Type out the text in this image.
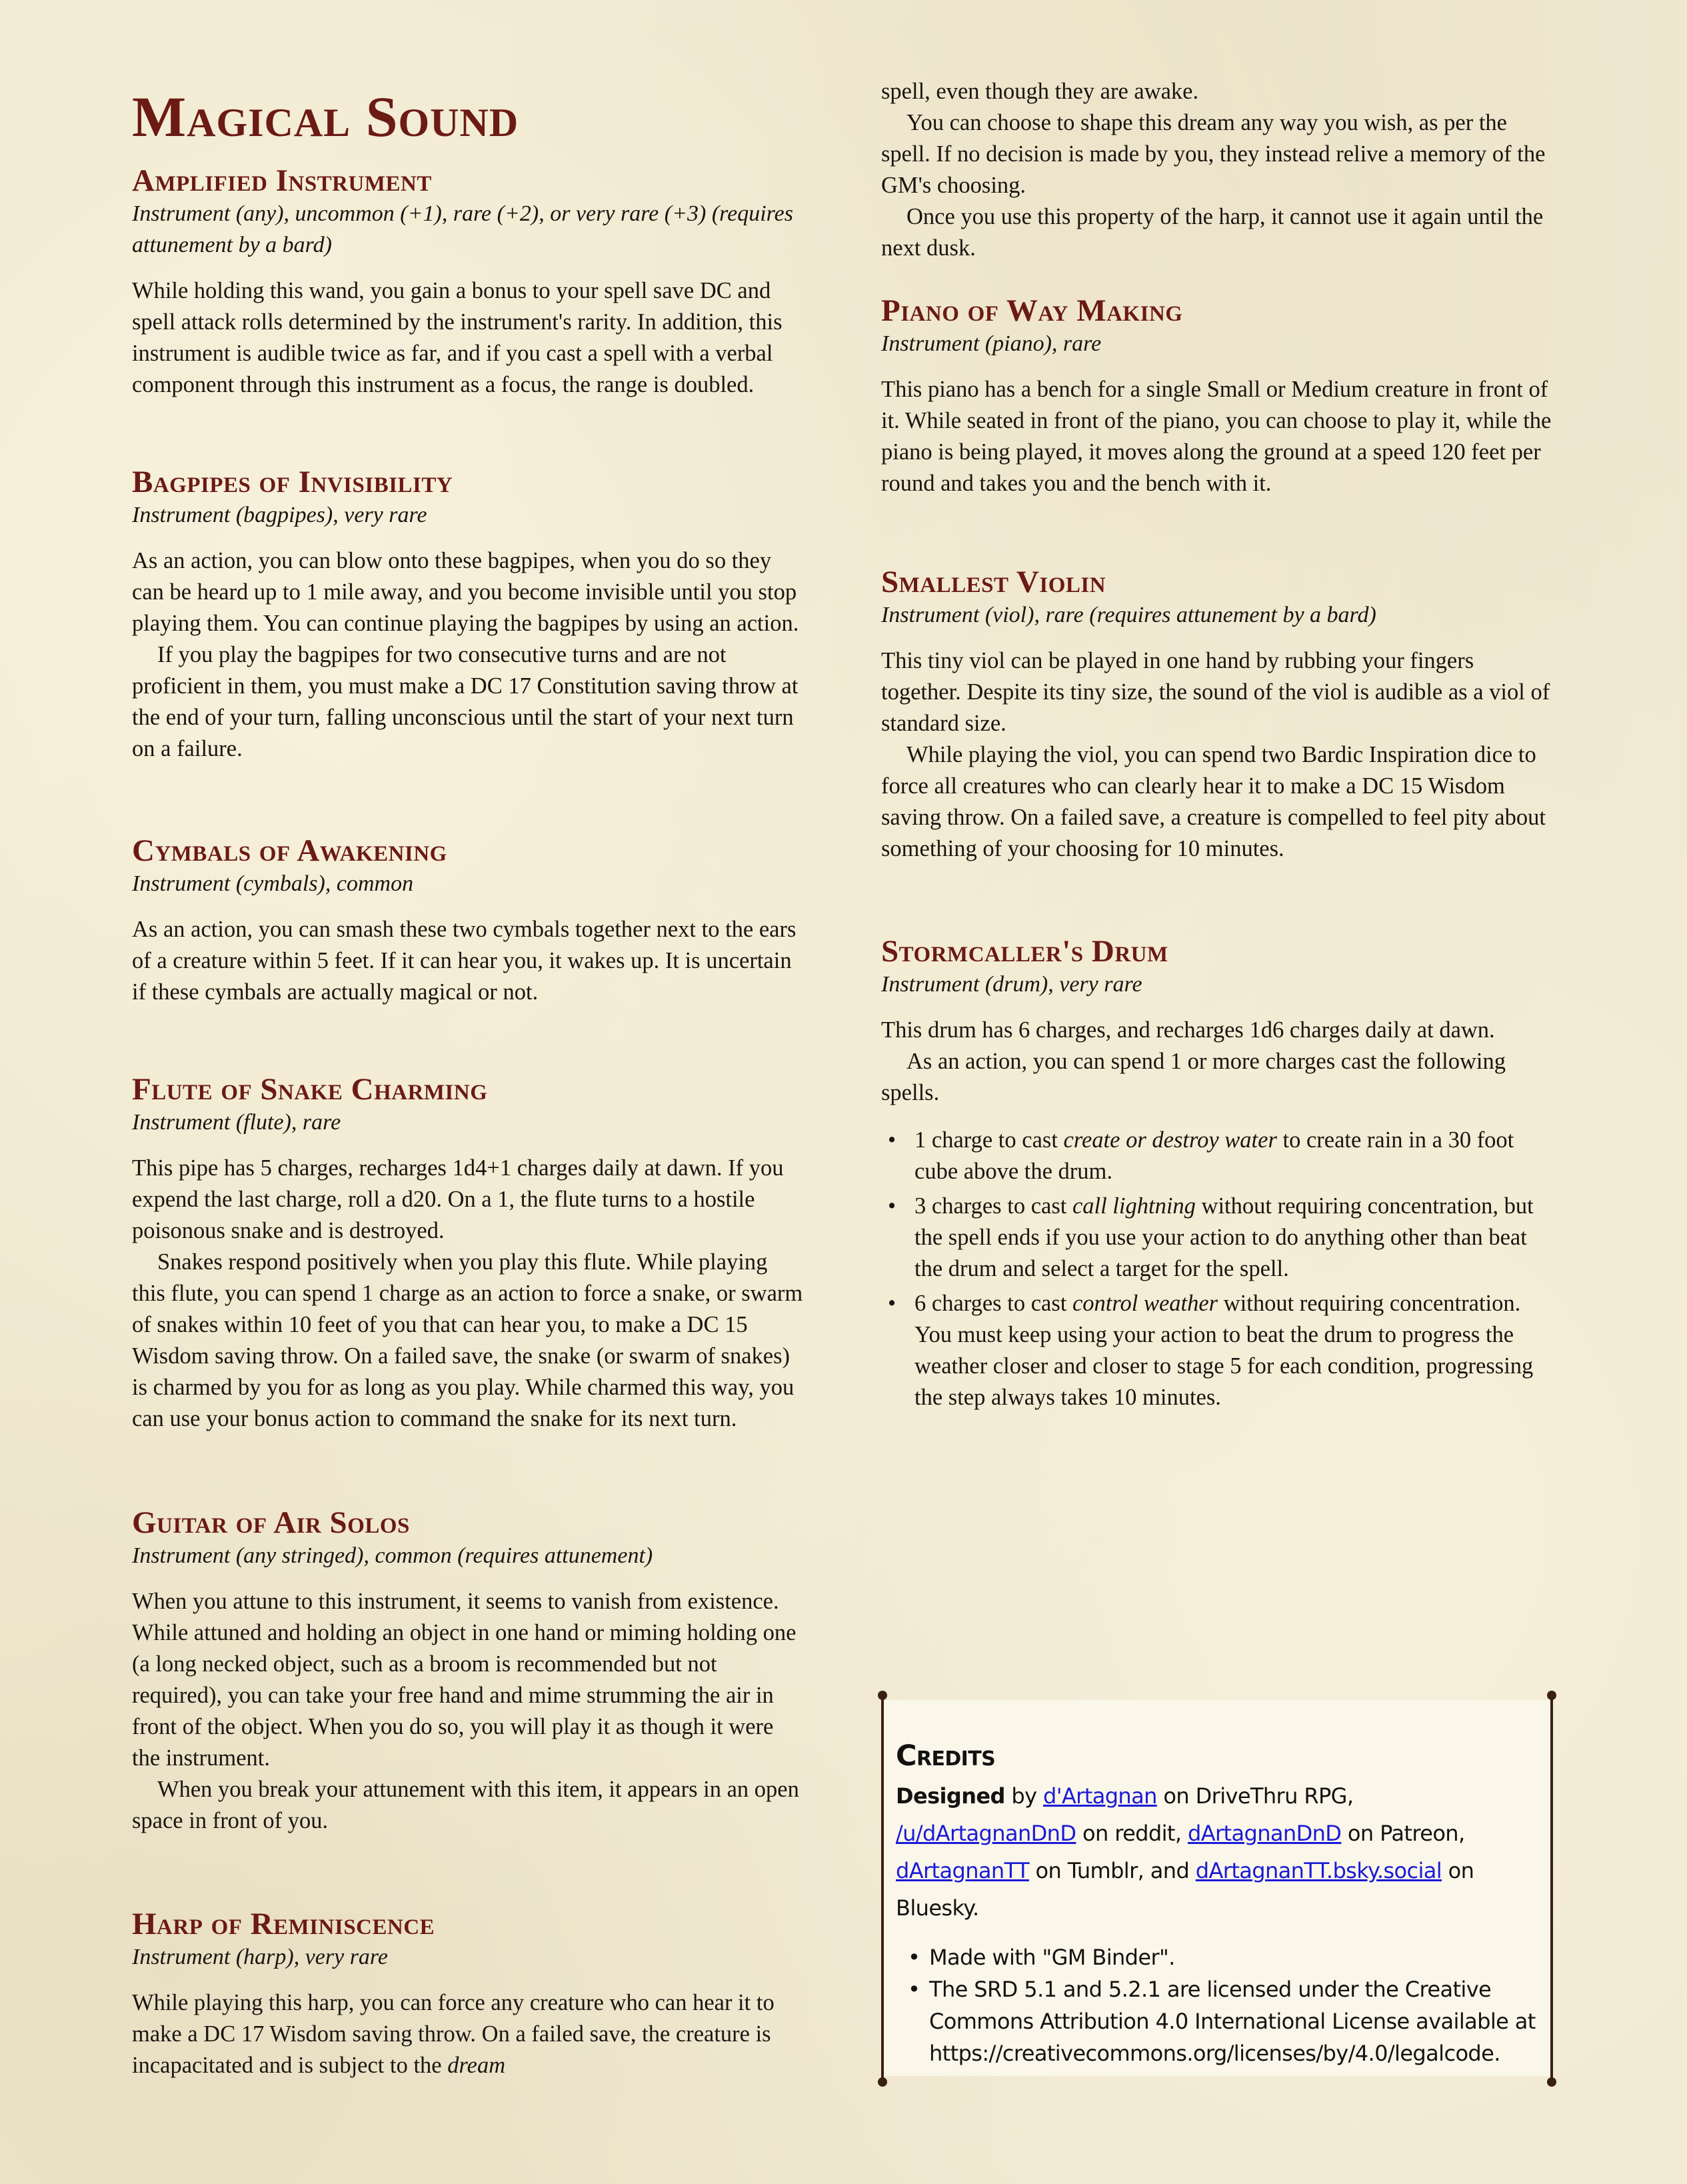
Magical Sound
Amplified Instrument
Instrument (any), uncommon (+1), rare (+2), or very rare (+3) (requires attunement by a bard)

While holding this wand, you gain a bonus to your spell save DC and spell attack rolls determined by the instrument's rarity. In addition, this instrument is audible twice as far, and if you cast a spell with a verbal component through this instrument as a focus, the range is doubled.

Bagpipes of Invisibility
Instrument (bagpipes), very rare

As an action, you can blow onto these bagpipes, when you do so they can be heard up to 1 mile away, and you become invisible until you stop playing them. You can continue playing the bagpipes by using an action.

If you play the bagpipes for two consecutive turns and are not proficient in them, you must make a DC 17 Constitution saving throw at the end of your turn, falling unconscious until the start of your next turn on a failure.

Cymbals of Awakening
Instrument (cymbals), common

As an action, you can smash these two cymbals together next to the ears of a creature within 5 feet. If it can hear you, it wakes up. It is uncertain if these cymbals are actually magical or not.

Flute of Snake Charming
Instrument (flute), rare

This pipe has 5 charges, recharges 1d4+1 charges daily at dawn. If you expend the last charge, roll a d20. On a 1, the flute turns to a hostile poisonous snake and is destroyed.

Snakes respond positively when you play this flute. While playing this flute, you can spend 1 charge as an action to force a snake, or swarm of snakes within 10 feet of you that can hear you, to make a DC 15 Wisdom saving throw. On a failed save, the snake (or swarm of snakes) is charmed by you for as long as you play. While charmed this way, you can use your bonus action to command the snake for its next turn.

Guitar of Air Solos
Instrument (any stringed), common (requires attunement)

When you attune to this instrument, it seems to vanish from existence. While attuned and holding an object in one hand or miming holding one (a long necked object, such as a broom is recommended but not required), you can take your free hand and mime strumming the air in front of the object. When you do so, you will play it as though it were the instrument.

When you break your attunement with this item, it appears in an open space in front of you.

Harp of Reminiscence
Instrument (harp), very rare

While playing this harp, you can force any creature who can hear it to make a DC 17 Wisdom saving throw. On a failed save, the creature is incapacitated and is subject to the dream

spell, even though they are awake.

You can choose to shape this dream any way you wish, as per the spell. If no decision is made by you, they instead relive a memory of the GM's choosing.

Once you use this property of the harp, it cannot use it again until the next dusk.

Piano of Way Making
Instrument (piano), rare

This piano has a bench for a single Small or Medium creature in front of it. While seated in front of the piano, you can choose to play it, while the piano is being played, it moves along the ground at a speed 120 feet per round and takes you and the bench with it.

Smallest Violin
Instrument (viol), rare (requires attunement by a bard)

This tiny viol can be played in one hand by rubbing your fingers together. Despite its tiny size, the sound of the viol is audible as a viol of standard size.

While playing the viol, you can spend two Bardic Inspiration dice to force all creatures who can clearly hear it to make a DC 15 Wisdom saving throw. On a failed save, a creature is compelled to feel pity about something of your choosing for 10 minutes.

Stormcaller's Drum
Instrument (drum), very rare

This drum has 6 charges, and recharges 1d6 charges daily at dawn.

As an action, you can spend 1 or more charges cast the following spells.

• 1 charge to cast create or destroy water to create rain in a 30 foot cube above the drum.
• 3 charges to cast call lightning without requiring concentration, but the spell ends if you use your action to do anything other than beat the drum and select a target for the spell.
• 6 charges to cast control weather without requiring concentration. You must keep using your action to beat the drum to progress the weather closer and closer to stage 5 for each condition, progressing the step always takes 10 minutes.
Credits
Designed by d'Artagnan on DriveThru RPG, /u/dArtagnanDnD on reddit, dArtagnanDnD on Patreon, dArtagnanTT on Tumblr, and dArtagnanTT.bsky.social on Bluesky.
• Made with "GM Binder".
• The SRD 5.1 and 5.2.1 are licensed under the Creative Commons Attribution 4.0 International License available at https://creativecommons.org/licenses/by/4.0/legalcode.
